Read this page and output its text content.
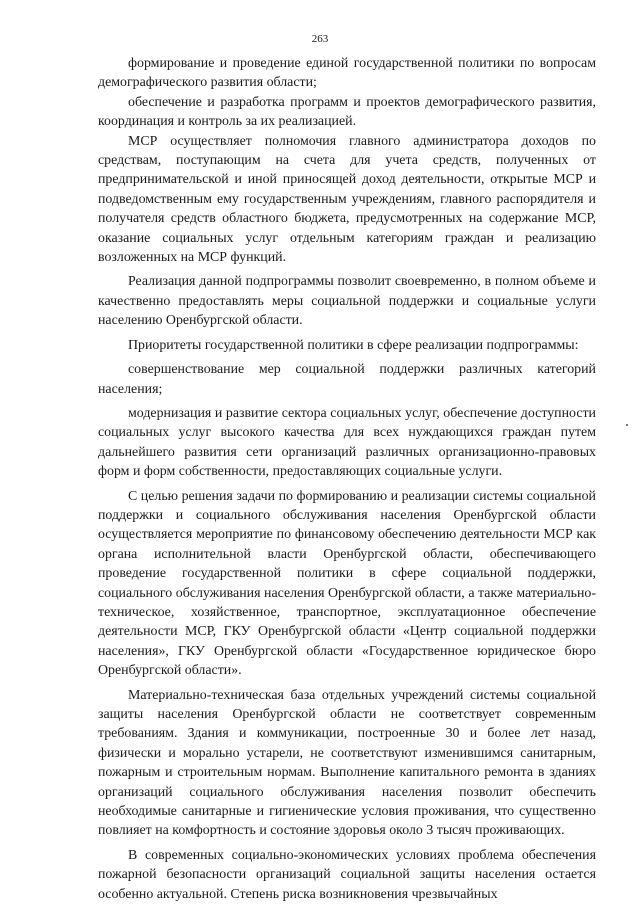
263

формирование и проведение единой государственной политики по вопросам демографического развития области;

обеспечение и разработка программ и проектов демографического развития, координация и контроль за их реализацией.

МСР осуществляет полномочия главного администратора доходов по средствам, поступающим на счета для учета средств, полученных от предпринимательской и иной приносящей доход деятельности, открытые МСР и подведомственным ему государственным учреждениям, главного распорядителя и получателя средств областного бюджета, предусмотренных на содержание МСР, оказание социальных услуг отдельным категориям граждан и реализацию возложенных на МСР функций.

Реализация данной подпрограммы позволит своевременно, в полном объеме и качественно предоставлять меры социальной поддержки и социальные услуги населению Оренбургской области.

Приоритеты государственной политики в сфере реализации подпрограммы:

совершенствование мер социальной поддержки различных категорий населения;

модернизация и развитие сектора социальных услуг, обеспечение доступности социальных услуг высокого качества для всех нуждающихся граждан путем дальнейшего развития сети организаций различных организационно-правовых форм и форм собственности, предоставляющих социальные услуги.

С целью решения задачи по формированию и реализации системы социальной поддержки и социального обслуживания населения Оренбургской области осуществляется мероприятие по финансовому обеспечению деятельности МСР как органа исполнительной власти Оренбургской области, обеспечивающего проведение государственной политики в сфере социальной поддержки, социального обслуживания населения Оренбургской области, а также материально-техническое, хозяйственное, транспортное, эксплуатационное обеспечение деятельности МСР, ГКУ Оренбургской области «Центр социальной поддержки населения», ГКУ Оренбургской области «Государственное юридическое бюро Оренбургской области».

Материально-техническая база отдельных учреждений системы социальной защиты населения Оренбургской области не соответствует современным требованиям. Здания и коммуникации, построенные 30 и более лет назад, физически и морально устарели, не соответствуют изменившимся санитарным, пожарным и строительным нормам. Выполнение капитального ремонта в зданиях организаций социального обслуживания населения позволит обеспечить необходимые санитарные и гигиенические условия проживания, что существенно повлияет на комфортность и состояние здоровья около 3 тысяч проживающих.

В современных социально-экономических условиях проблема обеспечения пожарной безопасности организаций социальной защиты населения остается особенно актуальной. Степень риска возникновения чрезвычайных
